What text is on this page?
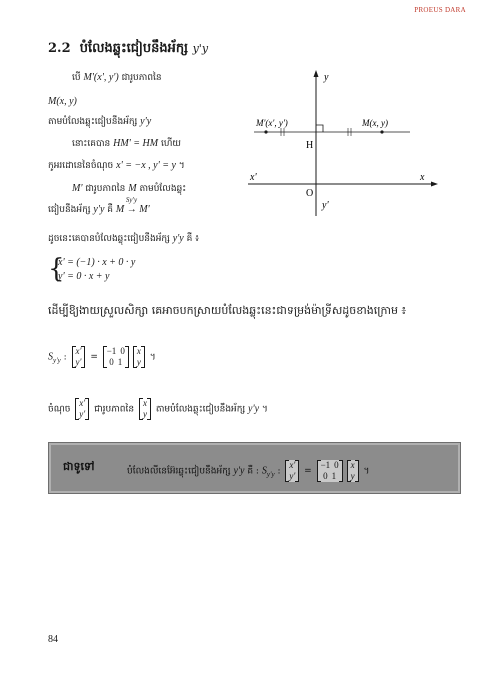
PROEUS DARA
2.2 បំលែងឆ្លុះជៀបនឹងអ័ក្ស y'y
បើ M'(x', y') ជារូបភាពនៃ
M(x, y)
តាមបំលែងឆ្លុះជៀបនឹងអ័ក្ស y'y
នោះគេបាន HM' = HM ហើយ
កូអរដោនេនៃចំណុច x' = −x , y' = y ។
M' ជារូបភាពនៃ M តាមបំលែងឆ្លុះ
ជៀបនឹងអ័ក្ស y'y គឺ
Sy'y
M → M'
ដូចនេះគេបានបំលែងឆ្លុះជៀបនឹងអ័ក្ស y'y គឺ ៖
{
x' = (−1) · x + 0 · y
y' = 0 · x + y
ដើម្បីឱ្យងាយស្រួលសិក្សា គេអាចបកស្រាយបំលែងឆ្លុះនេះជាទម្រង់ម៉ាទ្រីសដូចខាងក្រោម ៖
$S_{y'y}$ :
x'
y' =
−1 0
0 1
x
y ។
ចំណុច
x'
y' ជារូបភាពនៃ
x
y តាមបំលែងឆ្លុះជៀបនឹងអ័ក្ស y'y ។
ជាទូទៅ	បំលែងលីនេអ៊ែរឆ្លុះជៀបនឹងអ័ក្ស y'y គឺ : $S_{y'y}$ :
x'
y' =
−1 0
0 1
x
y ។
y
y'
x
x'
O
H
M'(x', y')	M(x, y)
84
